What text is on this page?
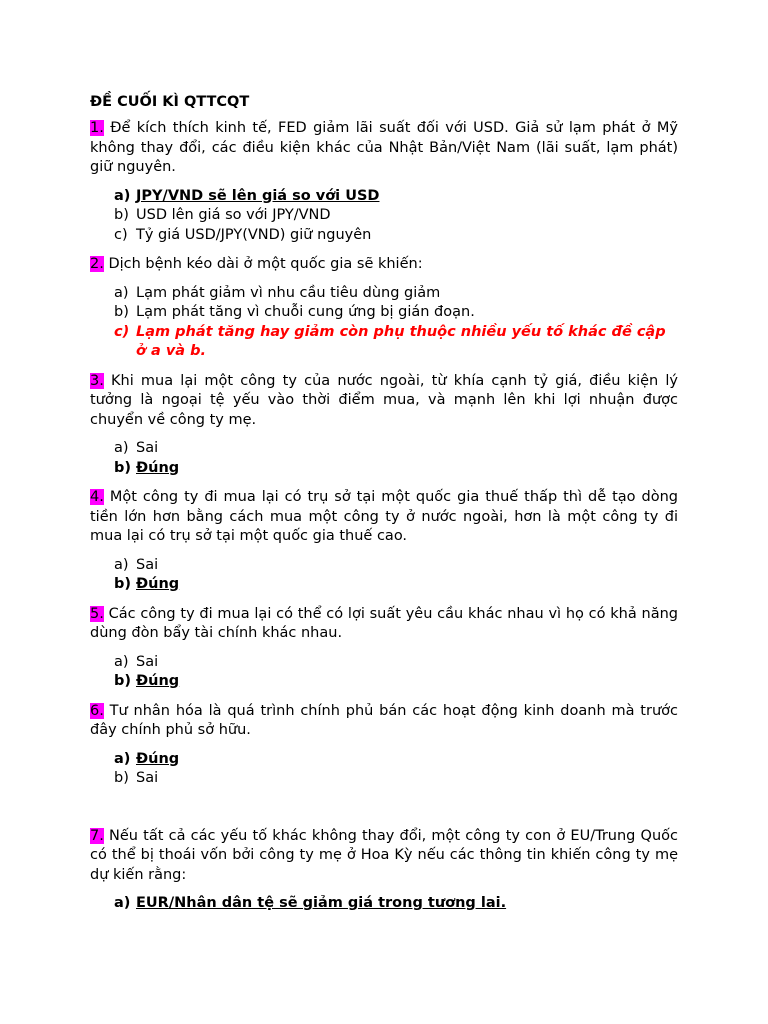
ĐỀ CUỐI KÌ QTTCQT

1. Để kích thích kinh tế, FED giảm lãi suất đối với USD. Giả sử lạm phát ở Mỹ không thay đổi, các điều kiện khác của Nhật Bản/Việt Nam (lãi suất, lạm phát) giữ nguyên.

a) JPY/VND sẽ lên giá so với USD
b) USD lên giá so với JPY/VND
c) Tỷ giá USD/JPY(VND) giữ nguyên

2. Dịch bệnh kéo dài ở một quốc gia sẽ khiến:

a) Lạm phát giảm vì nhu cầu tiêu dùng giảm
b) Lạm phát tăng vì chuỗi cung ứng bị gián đoạn.
c) Lạm phát tăng hay giảm còn phụ thuộc nhiều yếu tố khác đề cập ở a và b.

3. Khi mua lại một công ty của nước ngoài, từ khía cạnh tỷ giá, điều kiện lý tưởng là ngoại tệ yếu vào thời điểm mua, và mạnh lên khi lợi nhuận được chuyển về công ty mẹ.

a) Sai
b) Đúng

4. Một công ty đi mua lại có trụ sở tại một quốc gia thuế thấp thì dễ tạo dòng tiền lớn hơn bằng cách mua một công ty ở nước ngoài, hơn là một công ty đi mua lại có trụ sở tại một quốc gia thuế cao.

a) Sai
b) Đúng

5. Các công ty đi mua lại có thể có lợi suất yêu cầu khác nhau vì họ có khả năng dùng đòn bẩy tài chính khác nhau.

a) Sai
b) Đúng

6. Tư nhân hóa là quá trình chính phủ bán các hoạt động kinh doanh mà trước đây chính phủ sở hữu.

a) Đúng
b) Sai

7. Nếu tất cả các yếu tố khác không thay đổi, một công ty con ở EU/Trung Quốc có thể bị thoái vốn bởi công ty mẹ ở Hoa Kỳ nếu các thông tin khiến công ty mẹ dự kiến rằng:

a) EUR/Nhân dân tệ sẽ giảm giá trong tương lai.
